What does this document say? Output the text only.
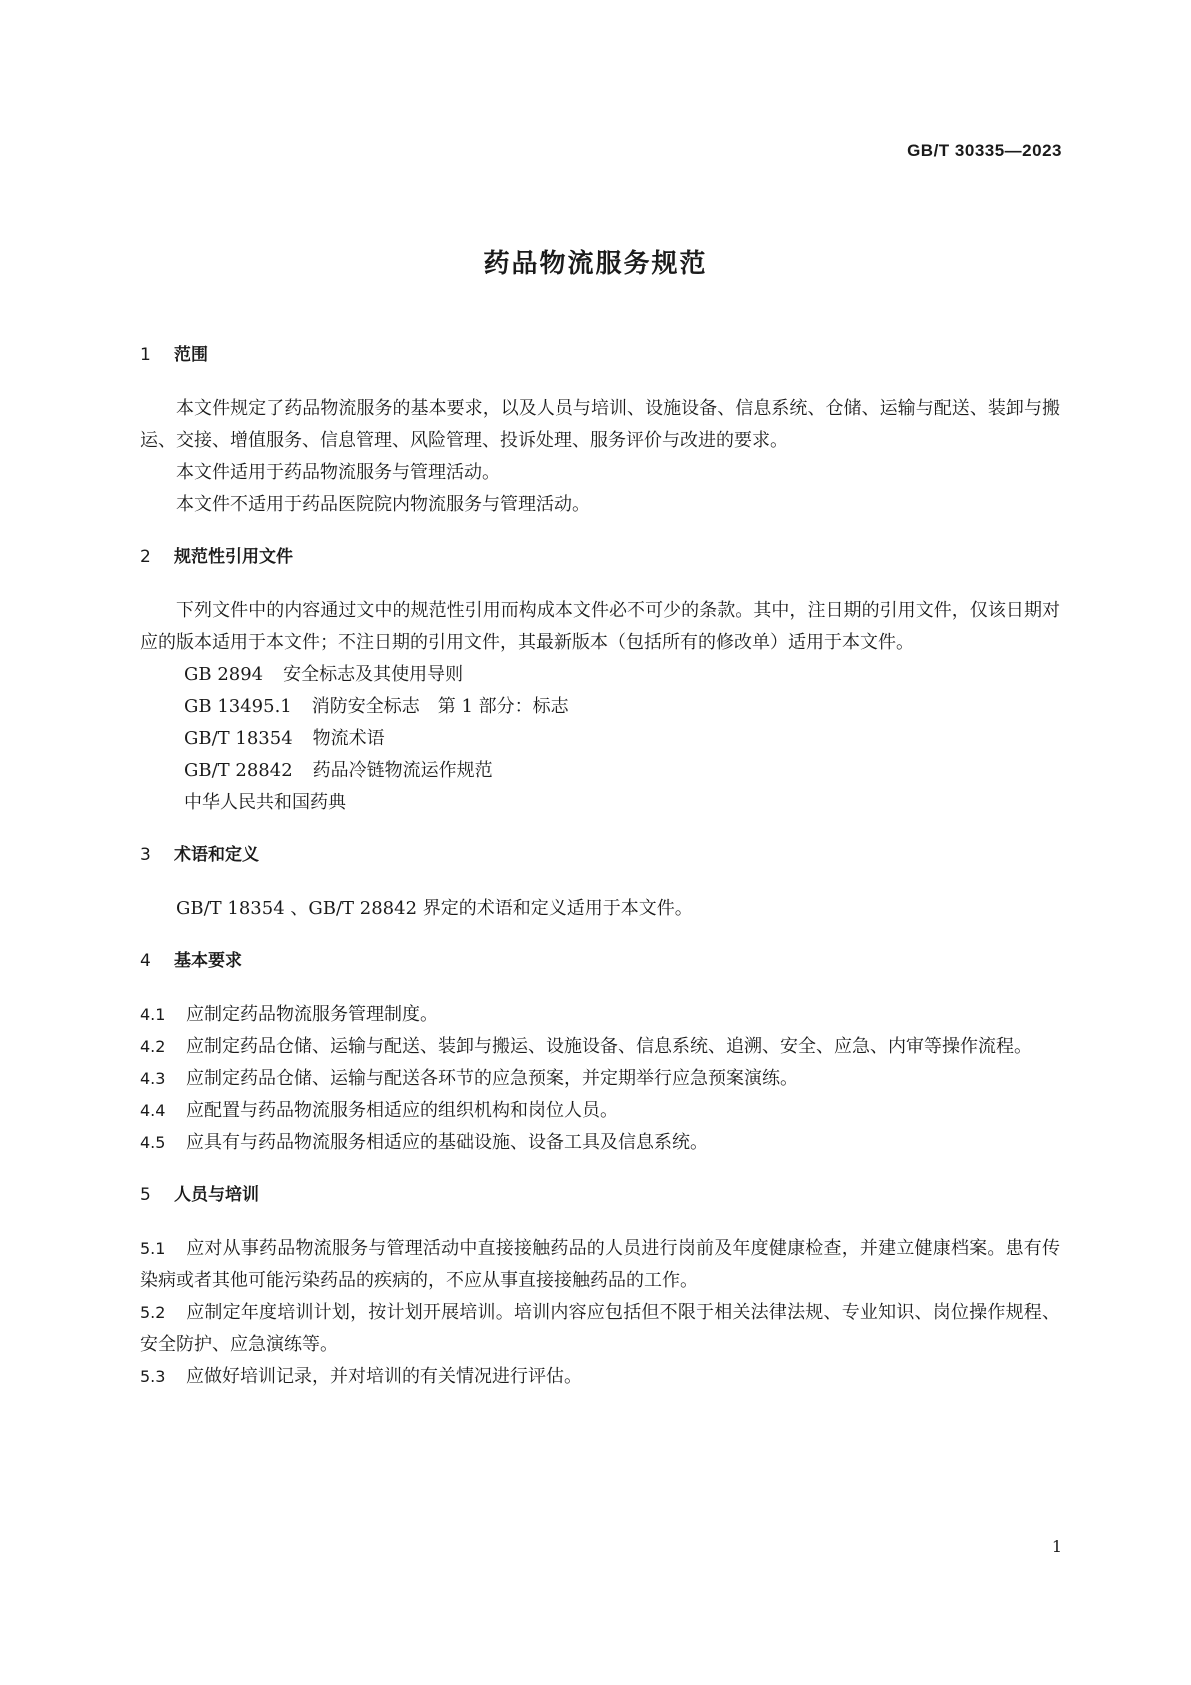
GB/T 30335—2023
药品物流服务规范
1 范围

本文件规定了药品物流服务的基本要求，以及人员与培训、设施设备、信息系统、仓储、运输与配送、装卸与搬运、交接、增值服务、信息管理、风险管理、投诉处理、服务评价与改进的要求。

本文件适用于药品物流服务与管理活动。

本文件不适用于药品医院院内物流服务与管理活动。

2 规范性引用文件

下列文件中的内容通过文中的规范性引用而构成本文件必不可少的条款。其中，注日期的引用文件，仅该日期对应的版本适用于本文件；不注日期的引用文件，其最新版本（包括所有的修改单）适用于本文件。

GB 2894 安全标志及其使用导则

GB 13495.1 消防安全标志　第 1 部分：标志

GB/T 18354 物流术语

GB/T 28842 药品冷链物流运作规范

中华人民共和国药典

3 术语和定义

GB/T 18354 、GB/T 28842 界定的术语和定义适用于本文件。

4 基本要求

4.1 应制定药品物流服务管理制度。

4.2 应制定药品仓储、运输与配送、装卸与搬运、设施设备、信息系统、追溯、安全、应急、内审等操作流程。

4.3 应制定药品仓储、运输与配送各环节的应急预案，并定期举行应急预案演练。

4.4 应配置与药品物流服务相适应的组织机构和岗位人员。

4.5 应具有与药品物流服务相适应的基础设施、设备工具及信息系统。

5 人员与培训

5.1 应对从事药品物流服务与管理活动中直接接触药品的人员进行岗前及年度健康检查，并建立健康档案。患有传染病或者其他可能污染药品的疾病的，不应从事直接接触药品的工作。

5.2 应制定年度培训计划，按计划开展培训。培训内容应包括但不限于相关法律法规、专业知识、岗位操作规程、安全防护、应急演练等。

5.3 应做好培训记录，并对培训的有关情况进行评估。

1
